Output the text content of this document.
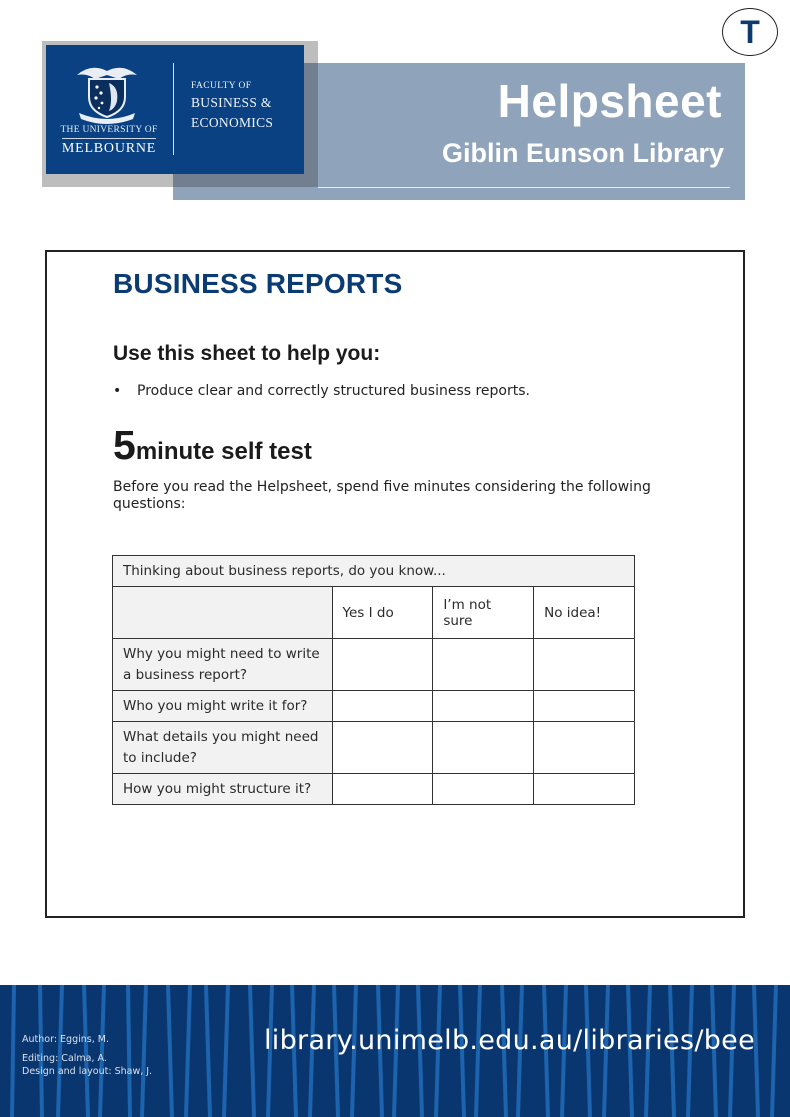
T
THE UNIVERSITY OF
MELBOURNE
FACULTY OF
BUSINESS &
ECONOMICS	Helpsheet
Giblin Eunson Library
BUSINESS REPORTS
Use this sheet to help you:
•	Produce clear and correctly structured business reports.
5minute self test

Before you read the Helpsheet, spend five minutes considering the following questions:

Thinking about business reports, do you know...			
	Yes I do	I’m not sure	No idea!
Why you might need to write a business report?			
Who you might write it for?			
What details you might need to include?			
How you might structure it?			
Author: Eggins, M.
Editing: Calma, A.
Design and layout: Shaw, J.
library.unimelb.edu.au/libraries/bee
